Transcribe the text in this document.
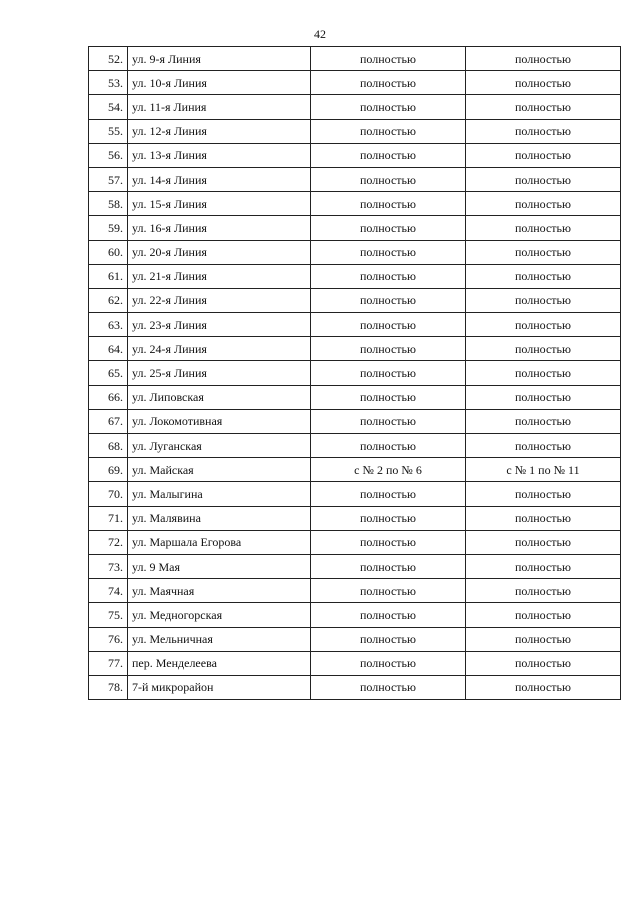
42
52.	ул. 9-я Линия	полностью	полностью
53.	ул. 10-я Линия	полностью	полностью
54.	ул. 11-я Линия	полностью	полностью
55.	ул. 12-я Линия	полностью	полностью
56.	ул. 13-я Линия	полностью	полностью
57.	ул. 14-я Линия	полностью	полностью
58.	ул. 15-я Линия	полностью	полностью
59.	ул. 16-я Линия	полностью	полностью
60.	ул. 20-я Линия	полностью	полностью
61.	ул. 21-я Линия	полностью	полностью
62.	ул. 22-я Линия	полностью	полностью
63.	ул. 23-я Линия	полностью	полностью
64.	ул. 24-я Линия	полностью	полностью
65.	ул. 25-я Линия	полностью	полностью
66.	ул. Липовская	полностью	полностью
67.	ул. Локомотивная	полностью	полностью
68.	ул. Луганская	полностью	полностью
69.	ул. Майская	с № 2 по № 6	с № 1 по № 11
70.	ул. Малыгина	полностью	полностью
71.	ул. Малявина	полностью	полностью
72.	ул. Маршала Егорова	полностью	полностью
73.	ул. 9 Мая	полностью	полностью
74.	ул. Маячная	полностью	полностью
75.	ул. Медногорская	полностью	полностью
76.	ул. Мельничная	полностью	полностью
77.	пер. Менделеева	полностью	полностью
78.	7-й микрорайон	полностью	полностью
